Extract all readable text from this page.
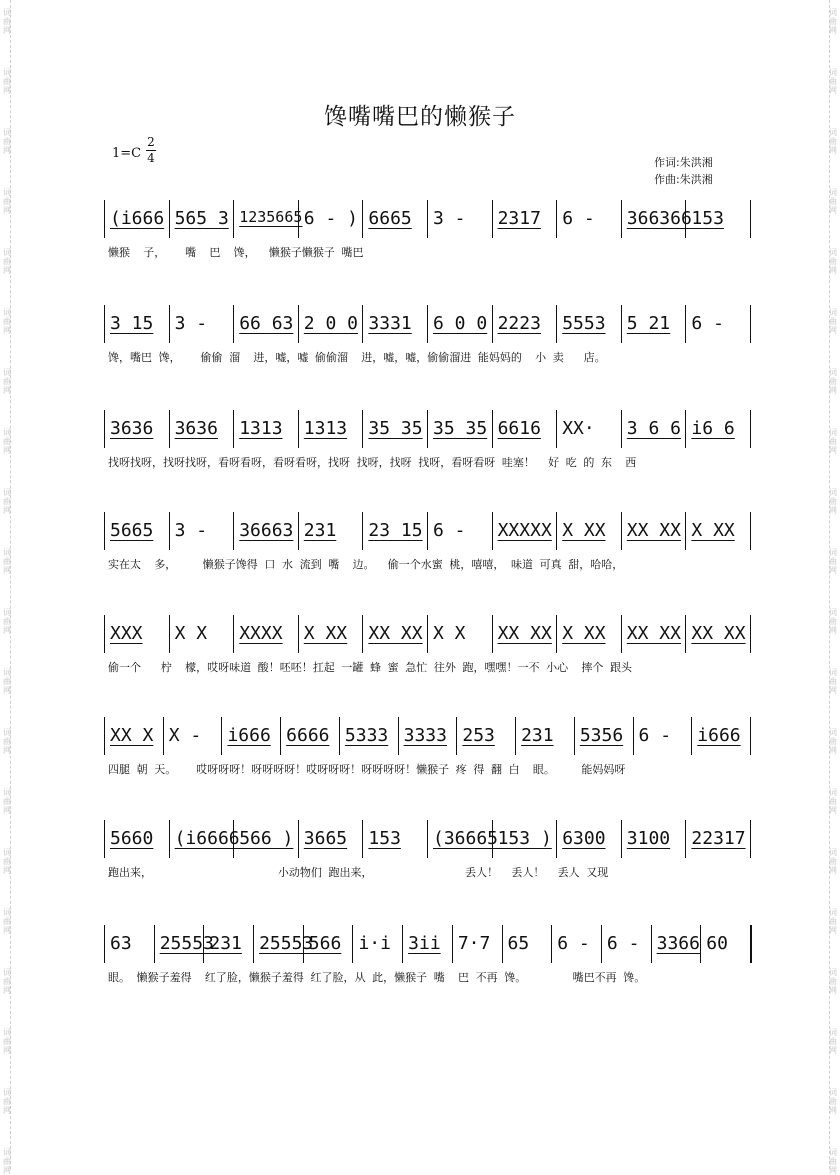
词
曲
网
词
曲
网
词
曲
网
词
曲
网
词
曲
网
词
曲
网
词
曲
网
词
曲
网
词
曲
网
词
曲
网
词
曲
网
词
曲
网
词
曲
网
词
曲
网
词
曲
网
词
曲
网
词
曲
网
词
曲
网
词
曲
网
词
曲
网
词
曲
网
词
曲
网
词
曲
网
词
曲
网
词
曲
网
词
曲
网
词
曲
网
词
曲
网
词
曲
网
词
曲
网
词
曲
网
词
曲
网
词
曲
网
词
曲
网
词
曲
网
词
曲
网
词
曲
网
词
曲
网
词
曲
网
词
曲
网
馋嘴嘴巴的懒猴子
1=C
2
4	作词:朱洪湘
作曲:朱洪湘
(i666 565 3 1235665 6 - ) 6665 3 - 2317 6 - 366366 153
懒猴  子，   嘴  巴  馋，  懒猴子懒猴子 嘴巴
3 15 3 - 66 63 2 0 0 3331 6 0 0 2223 5553 5 21 6 -
馋，嘴巴 馋，   偷偷 溜  进，嘘，嘘 偷偷溜  进，嘘，嘘，偷偷溜进 能妈妈的  小 卖   店。
3636 3636 1313 1313 35 35 35 35 6616 XX· 3 6 6 i6 6
找呀找呀，找呀找呀，看呀看呀，看呀看呀，找呀 找呀，找呀 找呀，看呀看呀 哇塞！  好 吃 的 东  西
5665 3 - 36663 231 23 15 6 - XXXXX X XX XX XX X XX
实在太  多，    懒猴子馋得 口 水 流到 嘴  边。  偷一个水蜜 桃，嘻嘻， 味道 可真 甜，哈哈，
XXX X X XXXX X XX XX XX X X XX XX X XX XX XX XX XX
偷一个   柠  檬，哎呀味道 酸！呸呸！扛起 一罐 蜂 蜜 急忙 往外 跑，嘿嘿！一不 小心  摔个 跟头
XX X X - i666 6666 5333 3333 253 231 5356 6 - i666
四腿 朝 天。   哎呀呀呀！呀呀呀呀！哎呀呀呀！呀呀呀呀！懒猴子 疼 得 翻 白  眼。    能妈妈呀
5660 (i6666 566 ) 3665 153 (36665 153 ) 6300 3100 22317
跑出来，                   小动物们 跑出来，              丢人！  丢人！  丢人 又现
63 25553
231 25553
566 i·i 3ii 7·7 65 6 - 6 - 3366 60
眼。 懒猴子羞得  红了脸，懒猴子羞得 红了脸，从 此，懒猴子 嘴  巴 不再 馋。       嘴巴不再 馋。
